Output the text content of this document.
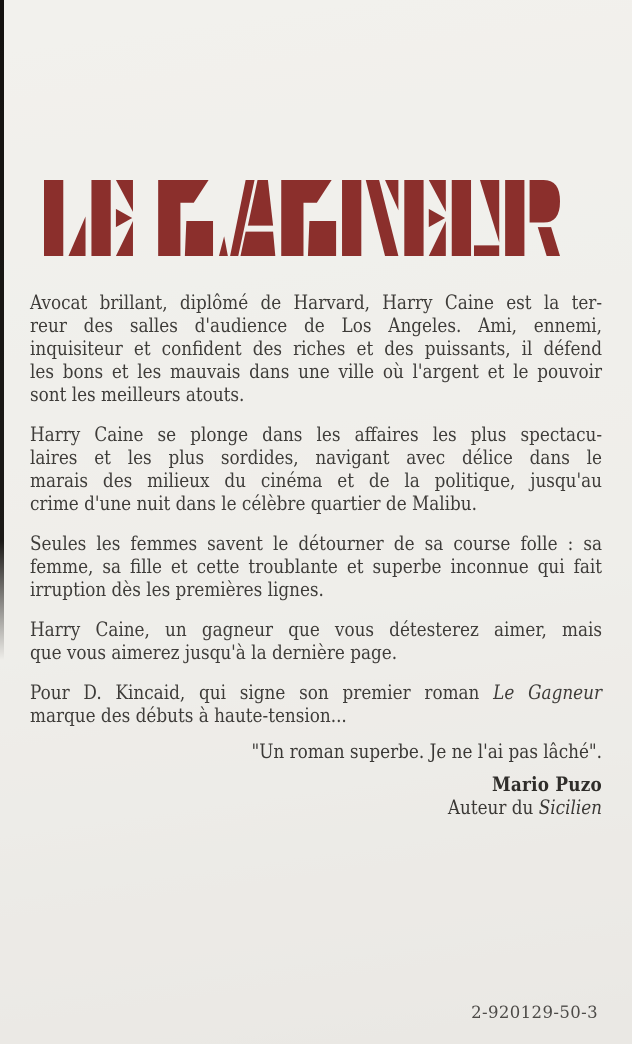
Avocat brillant, diplômé de Harvard, Harry Caine est la ter-
reur des salles d'audience de Los Angeles. Ami, ennemi,
inquisiteur et confident des riches et des puissants, il défend
les bons et les mauvais dans une ville où l'argent et le pouvoir
sont les meilleurs atouts.
Harry Caine se plonge dans les affaires les plus spectacu-
laires et les plus sordides, navigant avec délice dans le
marais des milieux du cinéma et de la politique, jusqu'au
crime d'une nuit dans le célèbre quartier de Malibu.
Seules les femmes savent le détourner de sa course folle : sa
femme, sa fille et cette troublante et superbe inconnue qui fait
irruption dès les premières lignes.
Harry Caine, un gagneur que vous détesterez aimer, mais
que vous aimerez jusqu'à la dernière page.
Pour D. Kincaid, qui signe son premier roman Le Gagneur
marque des débuts à haute-tension...
"Un roman superbe. Je ne l'ai pas lâché".
Mario Puzo
Auteur du Sicilien
2-920129-50-3
